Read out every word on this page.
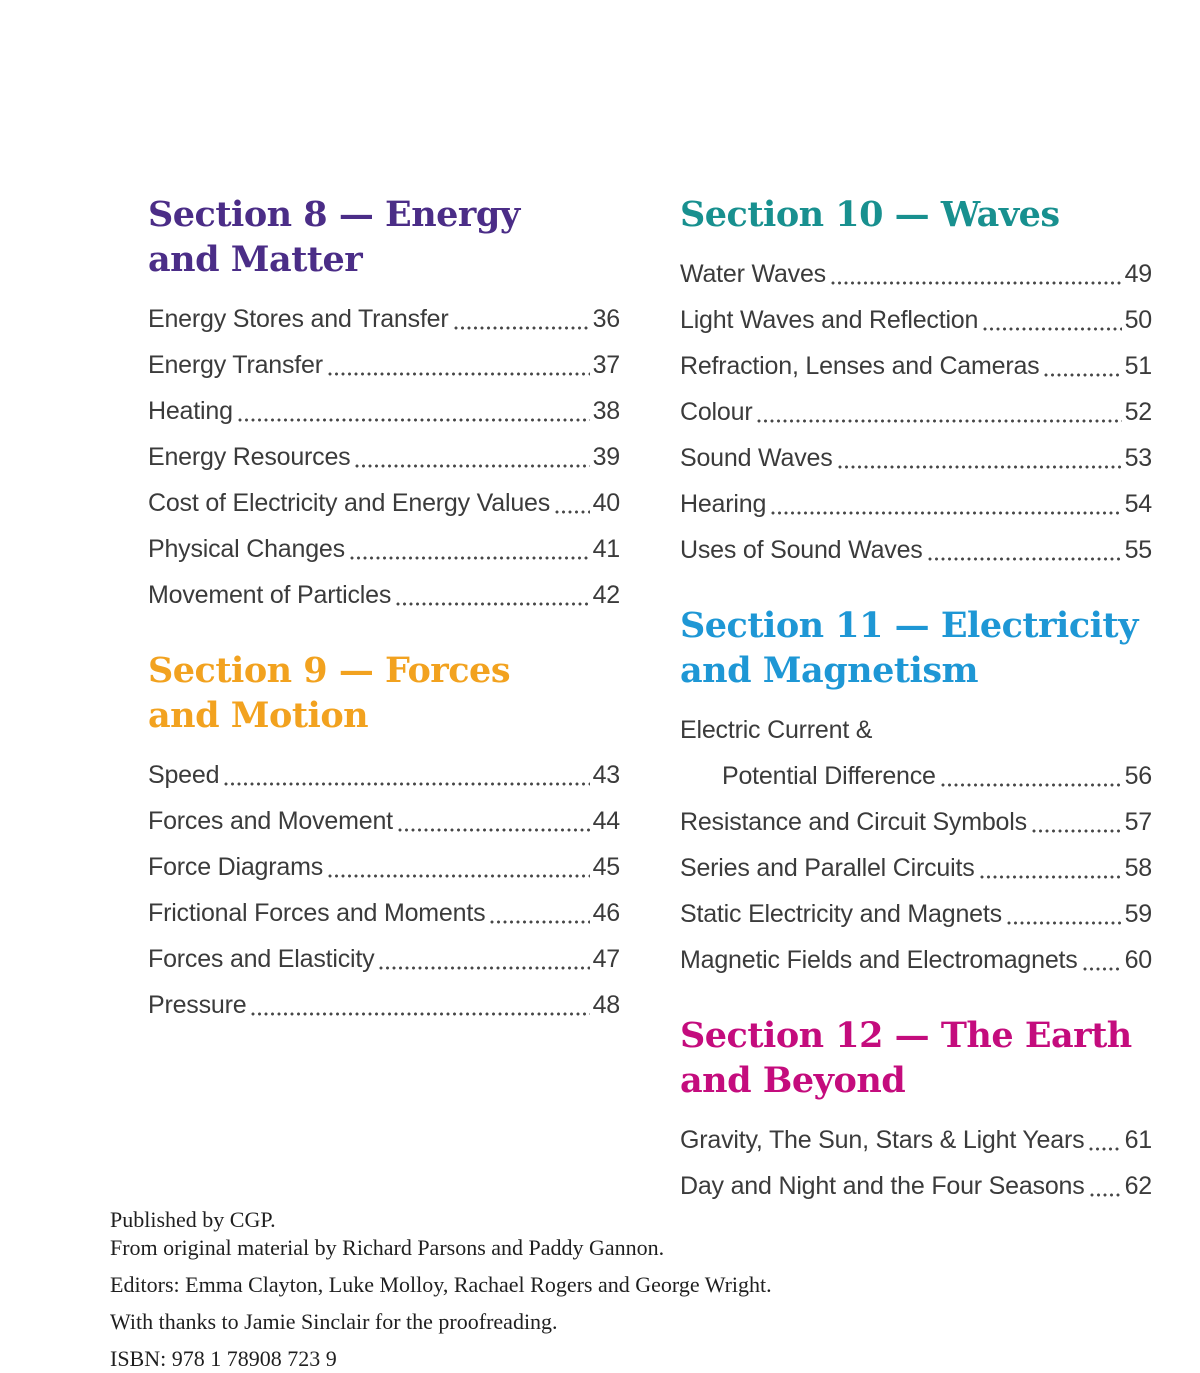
Section 8 — Energy
and Matter
Energy Stores and Transfer	36
Energy Transfer	37
Heating	38
Energy Resources	39
Cost of Electricity and Energy Values 40
Physical Changes	41
Movement of Particles	42
Section 9 — Forces
and Motion
Speed	43
Forces and Movement	44
Force Diagrams	45
Frictional Forces and Moments	46
Forces and Elasticity	47
Pressure	48
Section 10 — Waves
Water Waves	49
Light Waves and Reflection	50
Refraction, Lenses and Cameras	51
Colour	52
Sound Waves	53
Hearing	54
Uses of Sound Waves	55
Section 11 — Electricity
and Magnetism
Electric Current &
Potential Difference	56
Resistance and Circuit Symbols	57
Series and Parallel Circuits	58
Static Electricity and Magnets	59
Magnetic Fields and Electromagnets 60
Section 12 — The Earth
and Beyond
Gravity, The Sun, Stars & Light Years 61
Day and Night and the Four Seasons 62
Published by CGP.
From original material by Richard Parsons and Paddy Gannon.
Editors: Emma Clayton, Luke Molloy, Rachael Rogers and George Wright.
With thanks to Jamie Sinclair for the proofreading.
ISBN: 978 1 78908 723 9
